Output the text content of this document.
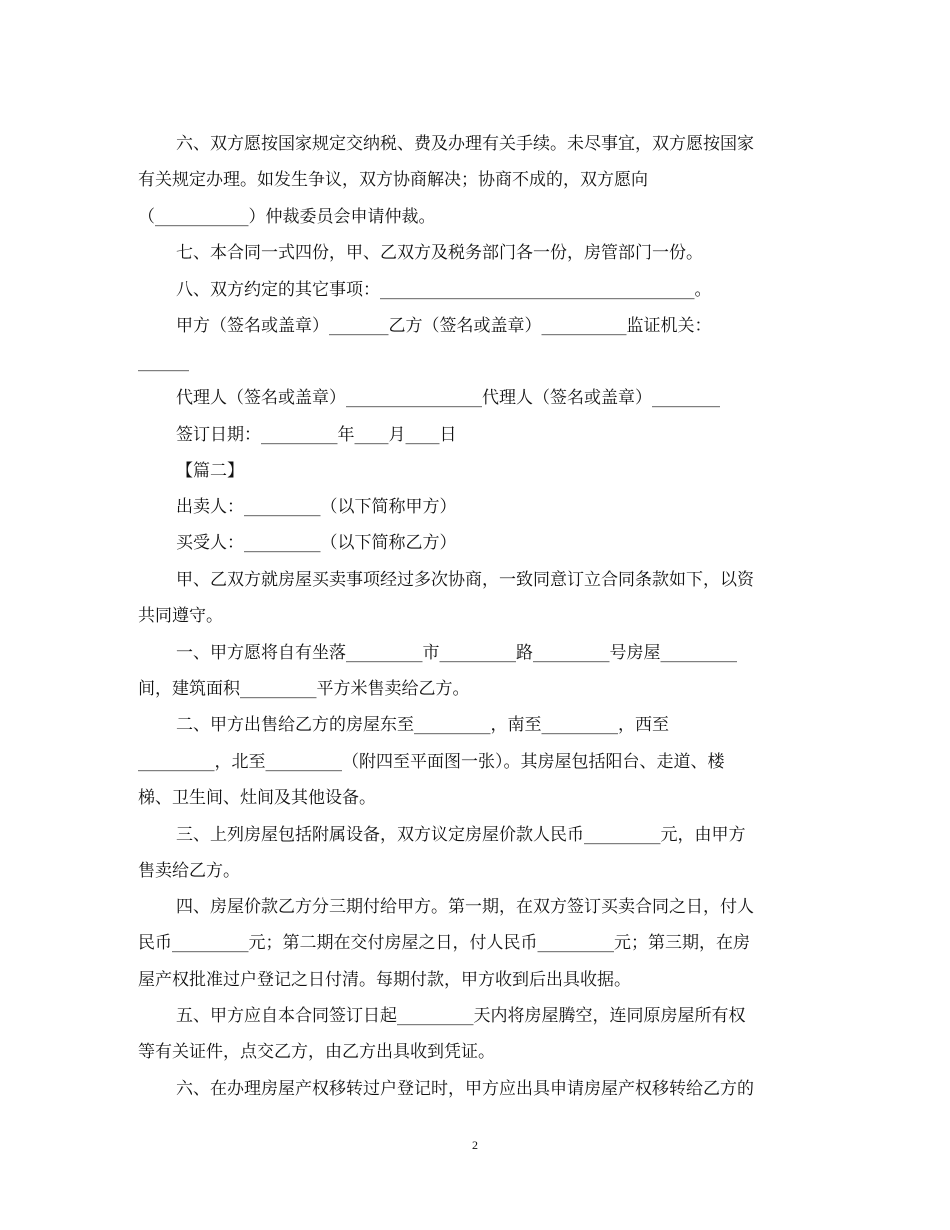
六、双方愿按国家规定交纳税、费及办理有关手续。未尽事宜，双方愿按国家
有关规定办理。如发生争议，双方协商解决；协商不成的，双方愿向
（___________）仲裁委员会申请仲裁。
七、本合同一式四份，甲、乙双方及税务部门各一份，房管部门一份。
八、双方约定的其它事项：_____________________________________。
甲方（签名或盖章）_______乙方（签名或盖章）__________监证机关：
______
代理人（签名或盖章）________________代理人（签名或盖章）________
签订日期：_________年____月____日
【篇二】
出卖人：_________（以下简称甲方）
买受人：_________（以下简称乙方）
甲、乙双方就房屋买卖事项经过多次协商，一致同意订立合同条款如下，以资
共同遵守。
一、甲方愿将自有坐落_________市_________路_________号房屋_________
间，建筑面积_________平方米售卖给乙方。
二、甲方出售给乙方的房屋东至_________，南至_________，西至
_________，北至_________（附四至平面图一张）。其房屋包括阳台、走道、楼
梯、卫生间、灶间及其他设备。
三、上列房屋包括附属设备，双方议定房屋价款人民币_________元，由甲方
售卖给乙方。
四、房屋价款乙方分三期付给甲方。第一期，在双方签订买卖合同之日，付人
民币_________元；第二期在交付房屋之日，付人民币_________元；第三期，在房
屋产权批准过户登记之日付清。每期付款，甲方收到后出具收据。
五、甲方应自本合同签订日起_________天内将房屋腾空，连同原房屋所有权
等有关证件，点交乙方，由乙方出具收到凭证。
六、在办理房屋产权移转过户登记时，甲方应出具申请房屋产权移转给乙方的
2
